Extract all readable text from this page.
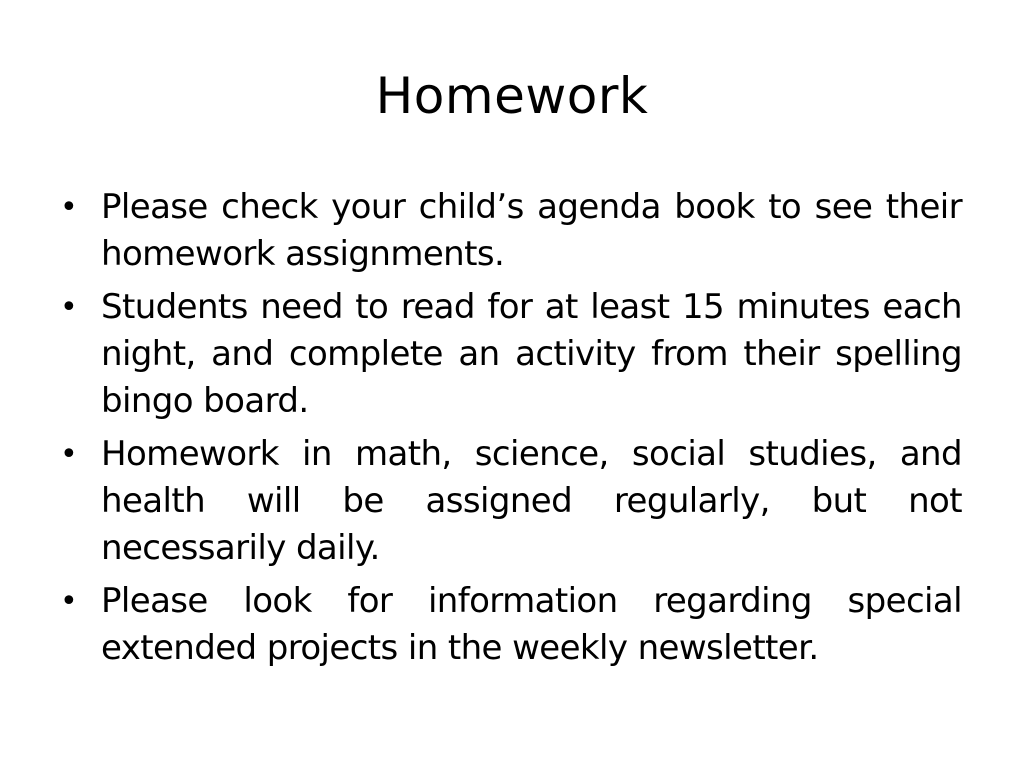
Homework
• Please check your child’s agenda book to see their homework assignments.
• Students need to read for at least 15 minutes each night, and complete an activity from their spelling bingo board.
• Homework in math, science, social studies, and health will be assigned regularly, but not necessarily daily.
• Please look for information regarding special extended projects in the weekly newsletter.
